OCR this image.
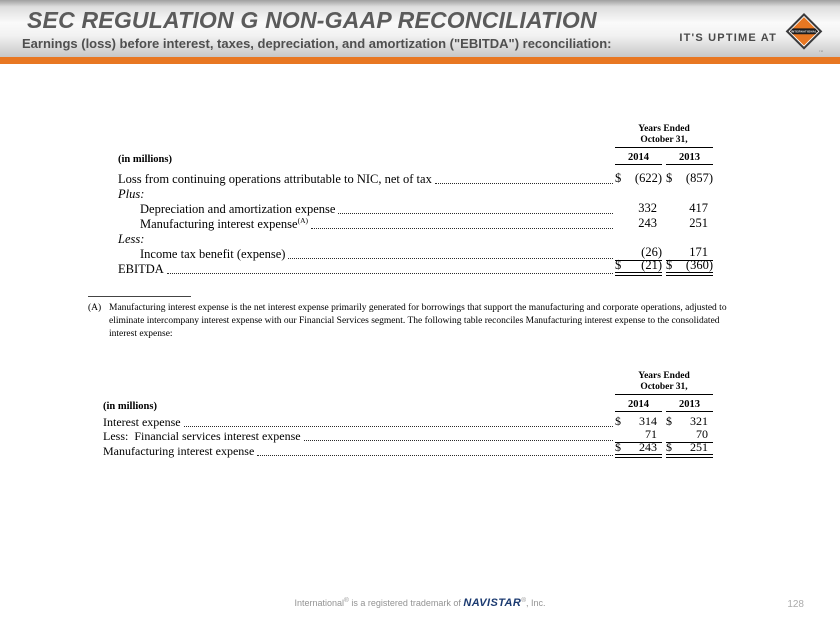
SEC REGULATION G NON-GAAP RECONCILIATION
Earnings (loss) before interest, taxes, depreciation, and amortization ("EBITDA") reconciliation:	IT'S UPTIME AT	INTERNATIONAL
™
Years Ended
October 31,
(in millions)	2014	2013
Loss from continuing operations attributable to NIC, net of tax	$ (622) $ (857)
Plus:
Depreciation and amortization expense	332	417
Manufacturing interest expense$^{(A)}$	243	251
Less:
Income tax benefit (expense)	(26) 171
EBITDA	$ (21) $ (360)
(A) Manufacturing interest expense is the net interest expense primarily generated for borrowings that support the manufacturing and corporate operations, adjusted to eliminate intercompany interest expense with our Financial Services segment. The following table reconciles Manufacturing interest expense to the consolidated interest expense:
Years Ended
October 31,
(in millions)	2014	2013
Interest expense	$ 314 $ 321
Less:  Financial services interest expense	71	70
Manufacturing interest expense	$ 243 $ 251
International® is a registered trademark of NAVISTAR®, Inc.	128
